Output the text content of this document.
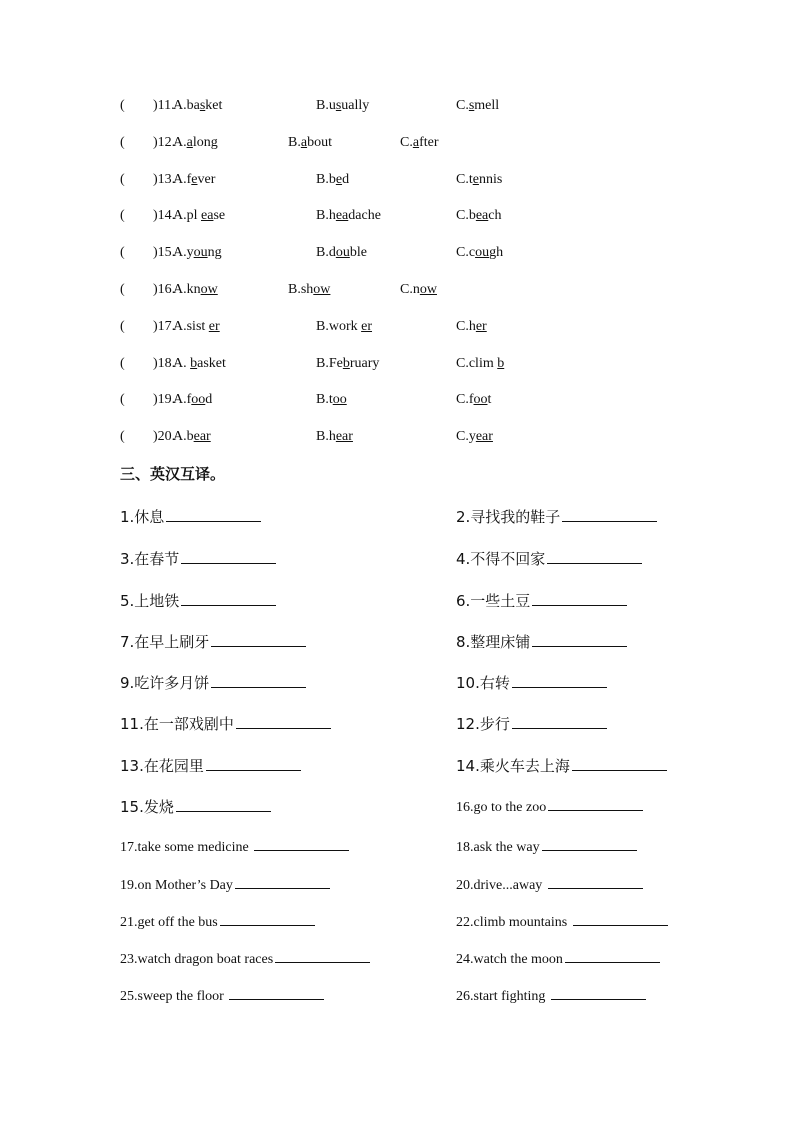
( )11.
A.basket	B.usually	C.smell
( )12.
A.along	B.about	C.after
( )13.
A.fever	B.bed	C.tennis
( )14.
A.pl ease	B.headache	C.beach
( )15.
A.young	B.double	C.cough
( )16.
A.know	B.show	C.now
( )17.
A.sist er	B.work er	C.her
( )18.
A. basket	B.February	C.clim b
( )19.
A.food	B.too	C.foot
( )20.
A.bear	B.hear	C.year
三、英汉互译。
1.休息	2.寻找我的鞋子
3.在春节	4.不得不回家
5.上地铁	6.一些土豆
7.在早上刷牙	8.整理床铺
9.吃许多月饼	10.右转
11.在一部戏剧中	12.步行
13.在花园里	14.乘火车去上海
15.发烧	16.go to the zoo
17.take some medicine	18.ask the way
19.on Mother’s Day	20.drive...away
21.get off the bus	22.climb mountains
23.watch dragon boat races	24.watch the moon
25.sweep the floor	26.start fighting
